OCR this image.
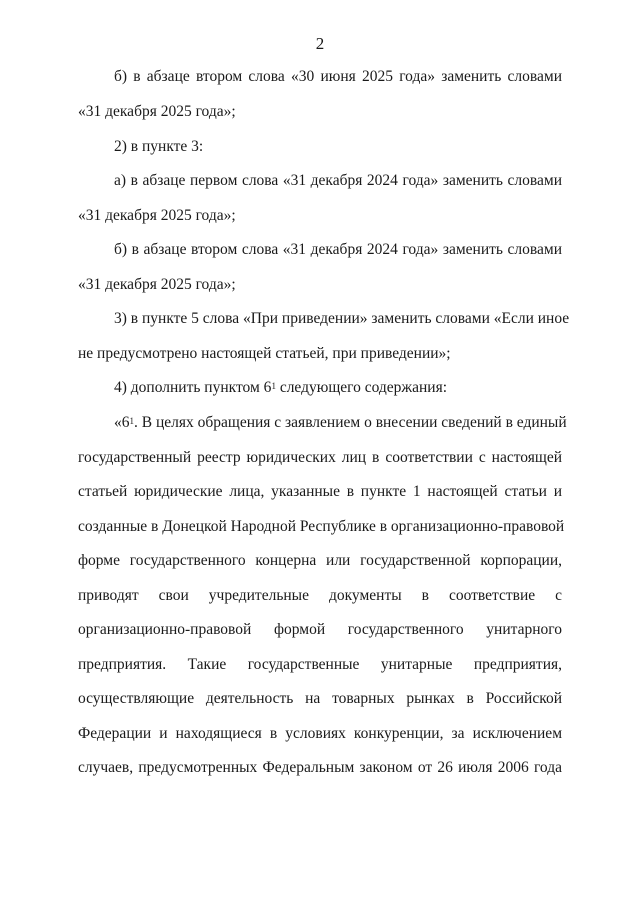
2
б) в абзаце втором слова «30 июня 2025 года» заменить словами
«31 декабря 2025 года»;
2) в пункте 3:
а) в абзаце первом слова «31 декабря 2024 года» заменить словами
«31 декабря 2025 года»;
б) в абзаце втором слова «31 декабря 2024 года» заменить словами
«31 декабря 2025 года»;
3) в пункте 5 слова «При приведении» заменить словами «Если иное
не предусмотрено настоящей статьей, при приведении»;
4) дополнить пунктом $6^1$ следующего содержания:
«$6^1$. В целях обращения с заявлением о внесении сведений в единый
государственный реестр юридических лиц в соответствии с настоящей
статьей юридические лица, указанные в пункте 1 настоящей статьи и
созданные в Донецкой Народной Республике в организационно-правовой
форме государственного концерна или государственной корпорации,
приводят свои учредительные документы в соответствие с
организационно-правовой формой государственного унитарного
предприятия. Такие государственные унитарные предприятия,
осуществляющие деятельность на товарных рынках в Российской
Федерации и находящиеся в условиях конкуренции, за исключением
случаев, предусмотренных Федеральным законом от 26 июля 2006 года
